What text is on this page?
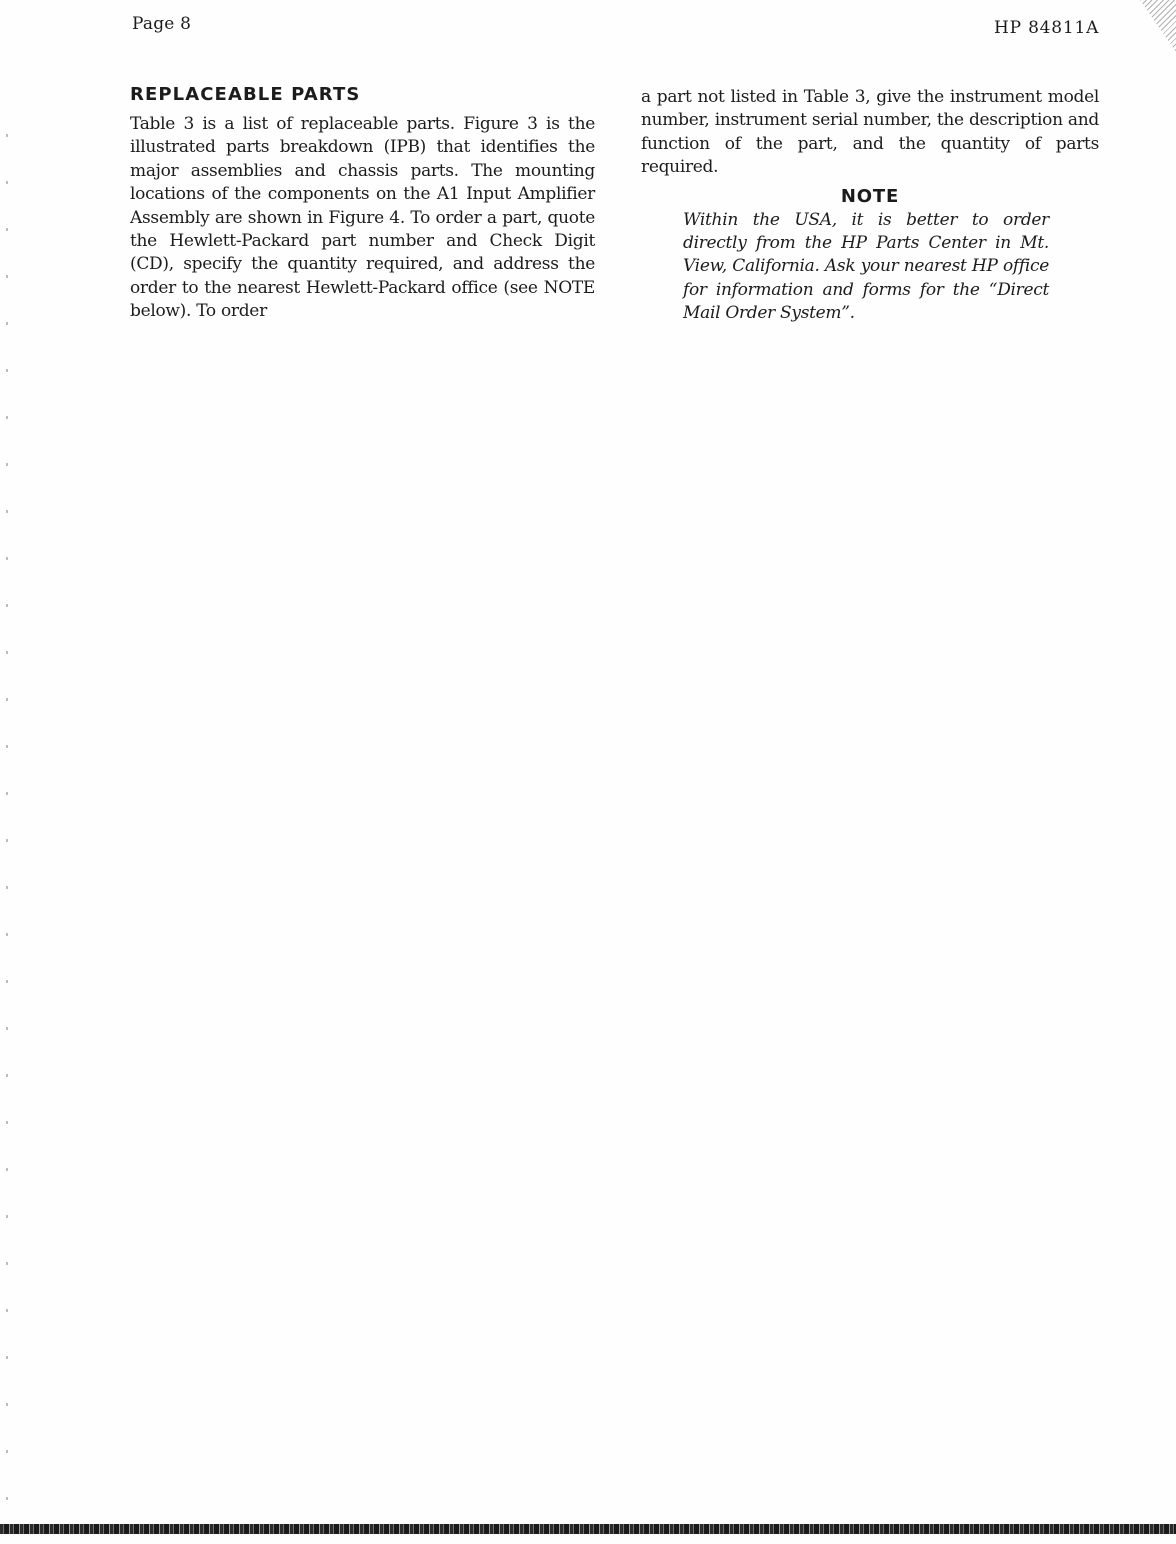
Page 8	HP 84811A

REPLACEABLE PARTS

Table 3 is a list of replaceable parts. Figure 3 is the illustrated parts breakdown (IPB) that identifies the major assemblies and chassis parts. The mounting locations of the components on the A1 Input Amplifier Assembly are shown in Figure 4. To order a part, quote the Hewlett-Packard part number and Check Digit (CD), specify the quantity required, and address the order to the nearest Hewlett-Packard office (see NOTE below). To order

a part not listed in Table 3, give the instrument model number, instrument serial number, the description and function of the part, and the quantity of parts required.

NOTE

Within the USA, it is better to order directly from the HP Parts Center in Mt. View, California. Ask your nearest HP office for information and forms for the “Direct Mail Order System”.
